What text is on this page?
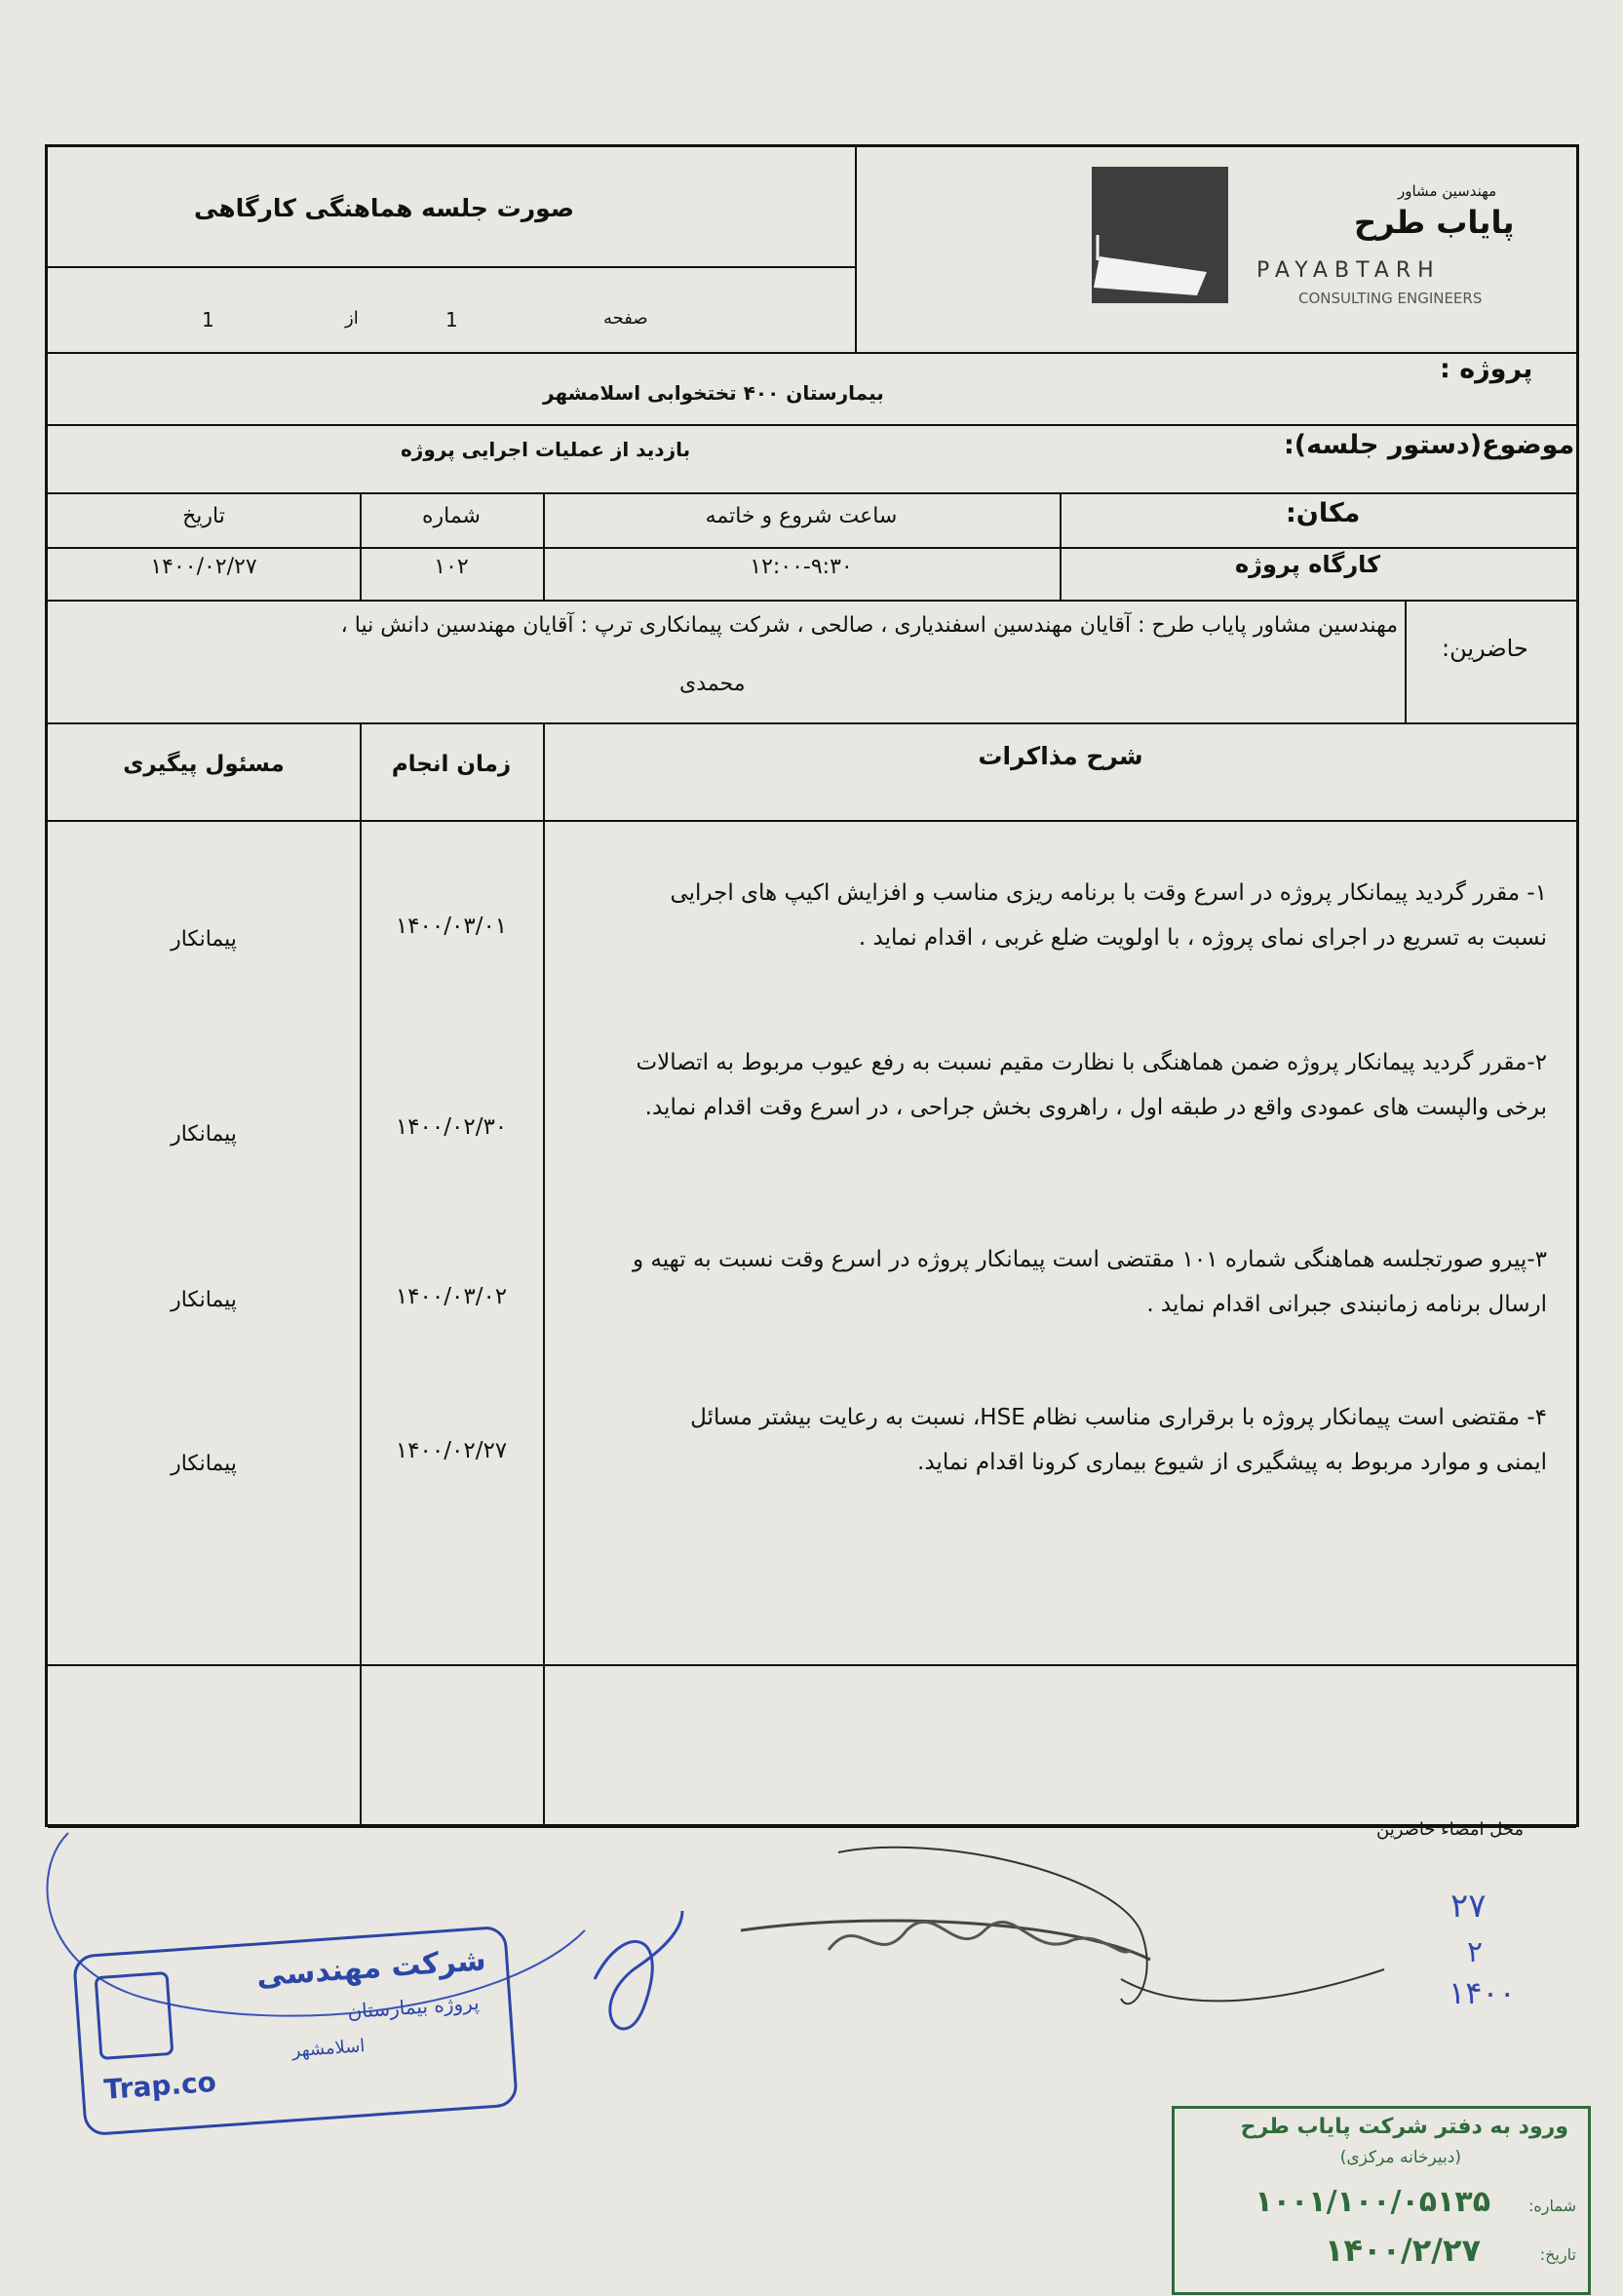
صورت جلسه هماهنگی کارگاهی
صفحه
1
از
1
مهندسین مشاور
پایاب طرح
PAYABTARH
CONSULTING ENGINEERS
پروژه :
بیمارستان ۴۰۰ تختخوابی اسلامشهر
موضوع(دستور جلسه):
بازدید از عملیات اجرایی پروژه
مکان:
کارگاه پروژه
ساعت شروع و خاتمه
۱۲:۰۰-۹:۳۰
شماره
۱۰۲
تاریخ
۱۴۰۰/۰۲/۲۷
حاضرین:
مهندسین مشاور پایاب طرح : آقایان مهندسین اسفندیاری ، صالحی ، شرکت پیمانکاری ترپ : آقایان مهندسین دانش نیا ،
محمدی
شرح مذاکرات
زمان انجام
مسئول پیگیری
۱- مقرر گردید پیمانکار پروژه در اسرع وقت با برنامه ریزی مناسب و افزایش اکیپ های اجرایی نسبت به تسریع در اجرای نمای پروژه ، با اولویت ضلع غربی ، اقدام نماید .
۱۴۰۰/۰۳/۰۱
پیمانکار
۲-مقرر گردید پیمانکار پروژه ضمن هماهنگی با نظارت مقیم نسبت به رفع عیوب مربوط به اتصالات برخی والپست های عمودی واقع در طبقه اول ، راهروی بخش جراحی ، در اسرع وقت اقدام نماید.
۱۴۰۰/۰۲/۳۰
پیمانکار
۳-پیرو صورتجلسه هماهنگی شماره ۱۰۱ مقتضی است پیمانکار پروژه در اسرع وقت نسبت به تهیه و ارسال برنامه زمانبندی جبرانی اقدام نماید .
۱۴۰۰/۰۳/۰۲
پیمانکار
۴- مقتضی است پیمانکار پروژه با برقراری مناسب نظام HSE، نسبت به رعایت بیشتر مسائل ایمنی و موارد مربوط به پیشگیری از شیوع بیماری کرونا اقدام نماید.
۱۴۰۰/۰۲/۲۷
پیمانکار
محل امضاء حاضرین
۲۷
۲
۱۴۰۰
شرکت مهندسی
پروژه بیمارستان
اسلامشهر
Trap.co
ورود به دفتر شرکت پایاب طرح
(دبیرخانه مرکزی)
شماره:
۱۰۰۱/۱۰۰/۰۵۱۳۵
تاریخ:
۱۴۰۰/۲/۲۷
